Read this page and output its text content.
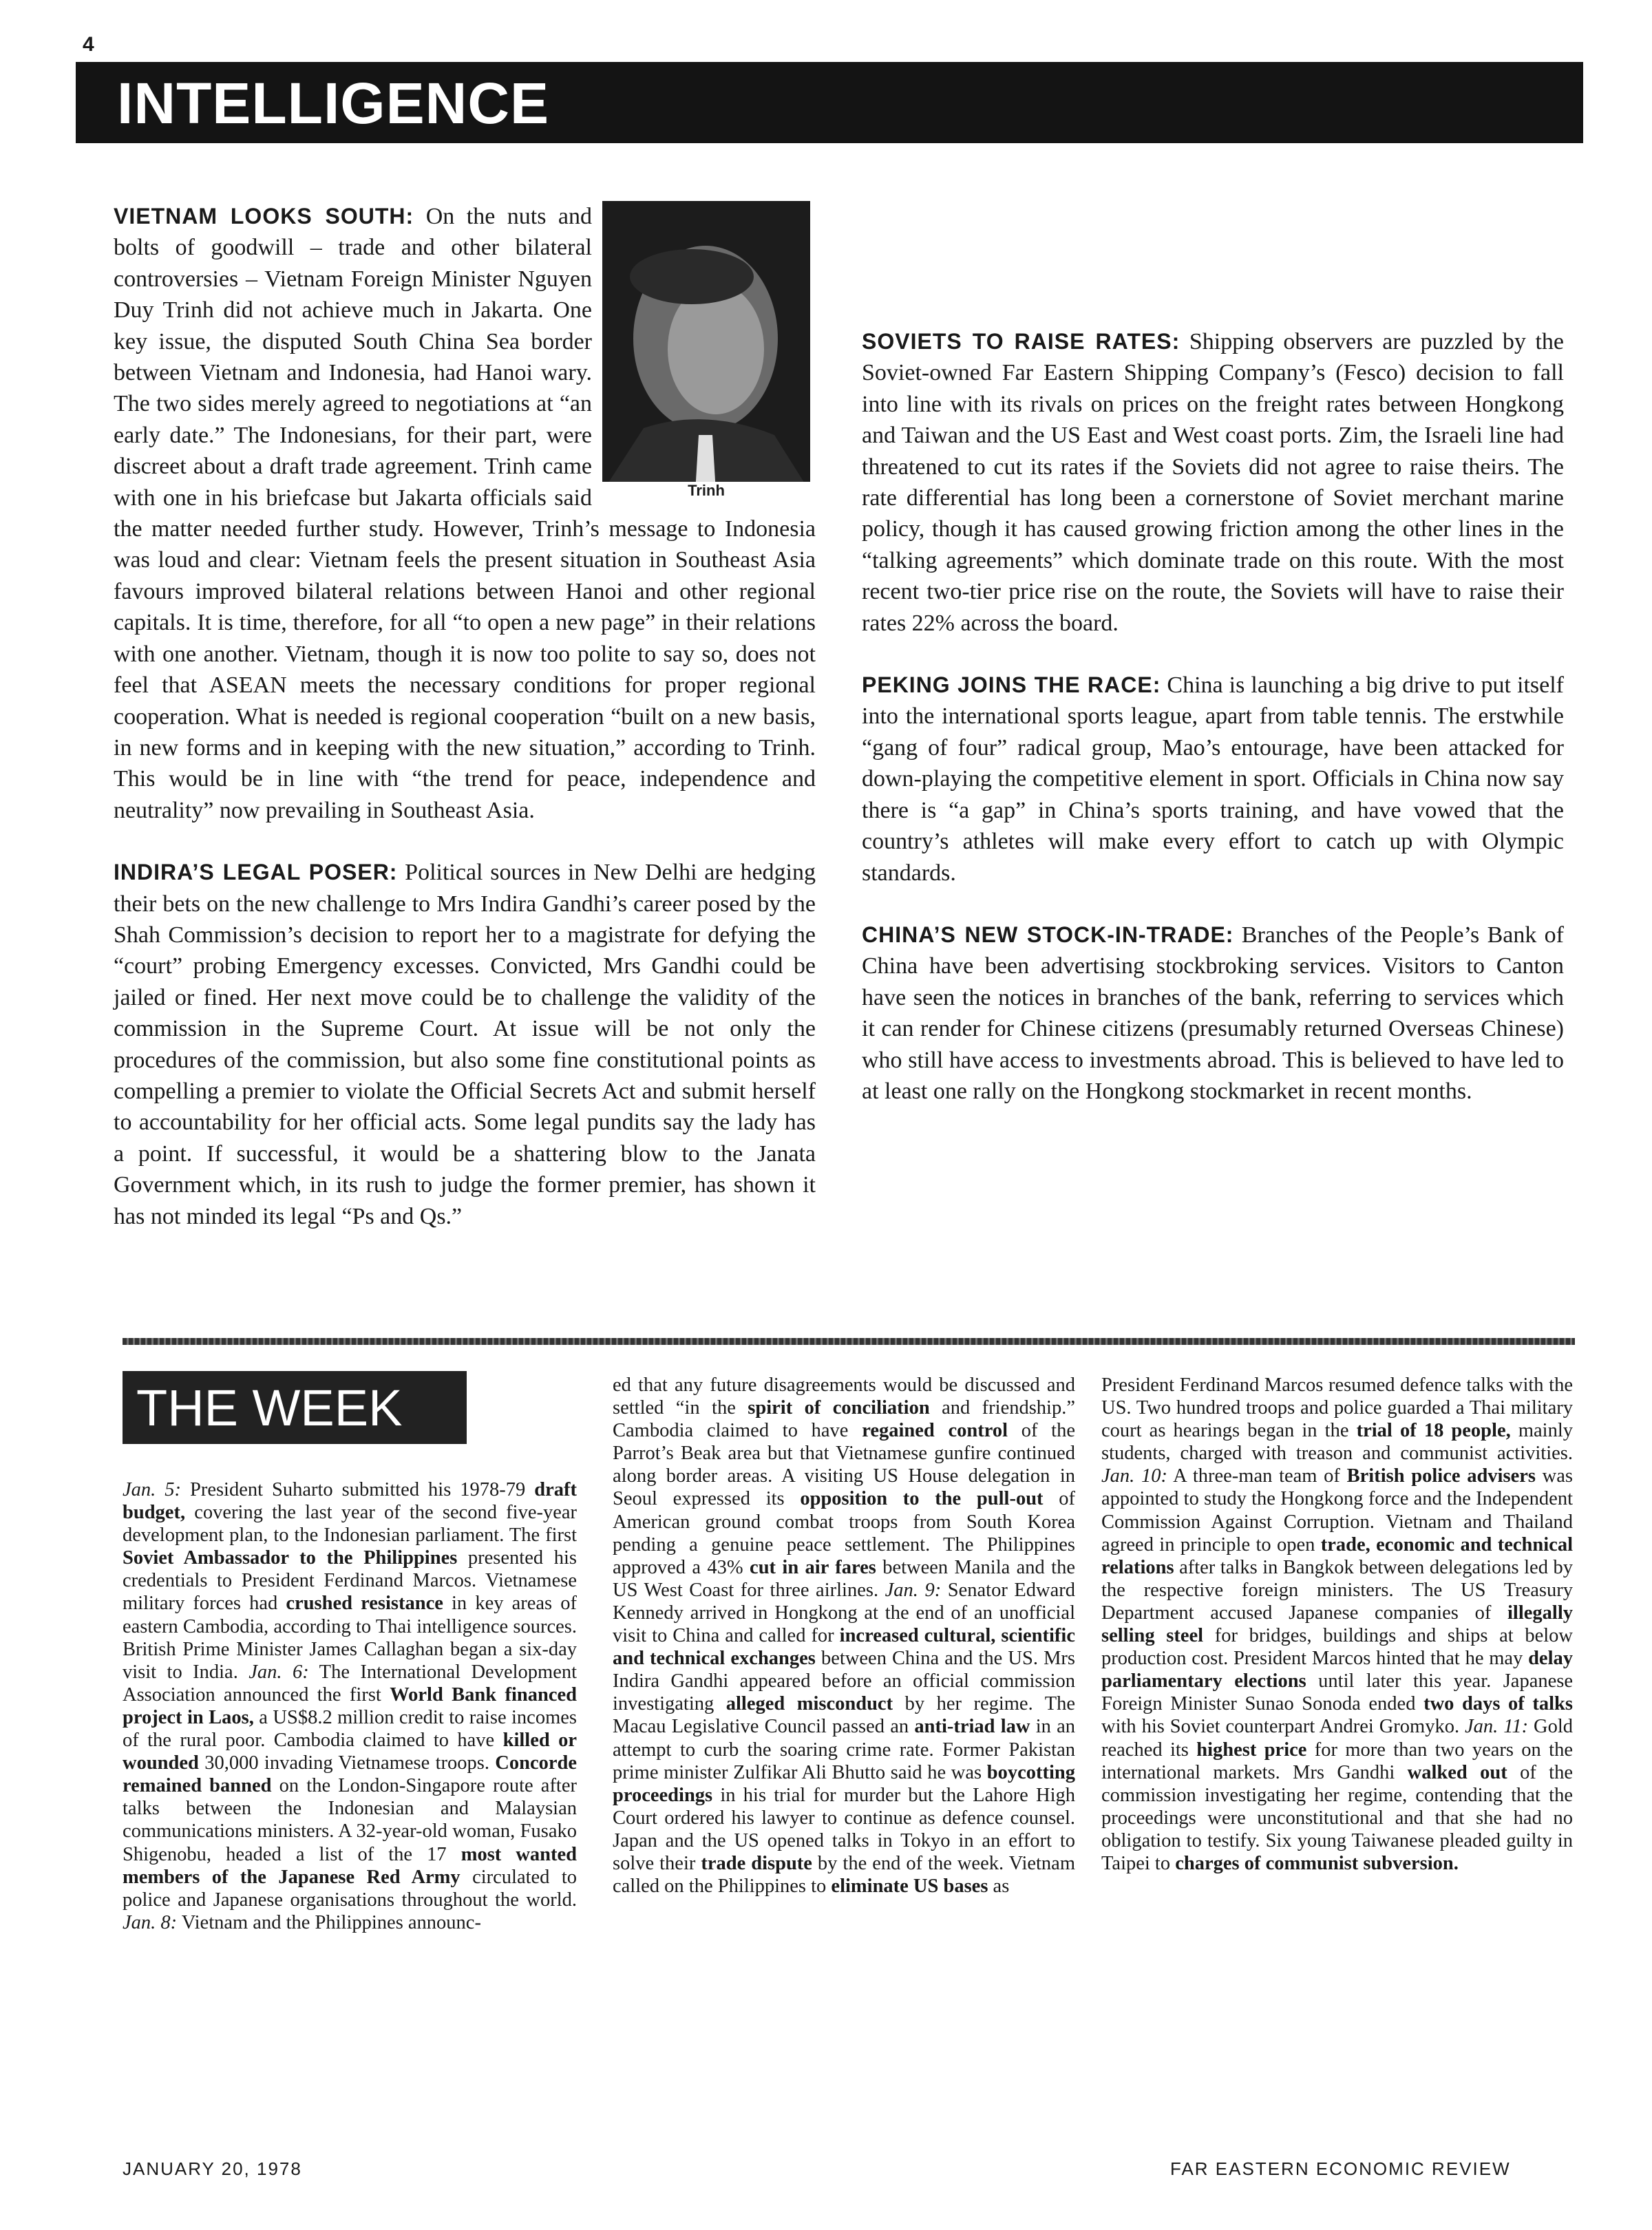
4
INTELLIGENCE

VIETNAM LOOKS SOUTH: On the nuts and bolts of goodwill – trade and other bilateral controversies – Vietnam Foreign Minister Nguyen Duy Trinh did not achieve much in Jakarta. One key issue, the disputed South China Sea border between Vietnam and Indonesia, had Hanoi wary. The two sides merely agreed to negotiations at “an early date.” The Indonesians, for their part, were discreet about a draft trade agreement. Trinh came with one in his briefcase but Jakarta officials said the matter needed further study. However, Trinh’s message to Indonesia was loud and clear: Vietnam feels the present situation in Southeast Asia favours improved bilateral relations between Hanoi and other regional capitals. It is time, therefore, for all “to open a new page” in their relations with one another. Vietnam, though it is now too polite to say so, does not feel that ASEAN meets the necessary conditions for proper regional cooperation. What is needed is regional cooperation “built on a new basis, in new forms and in keeping with the new situation,” according to Trinh. This would be in line with “the trend for peace, independence and neutrality” now prevailing in Southeast Asia.

INDIRA’S LEGAL POSER: Political sources in New Delhi are hedging their bets on the new challenge to Mrs Indira Gandhi’s career posed by the Shah Commission’s decision to report her to a magistrate for defying the “court” probing Emergency excesses. Convicted, Mrs Gandhi could be jailed or fined. Her next move could be to challenge the validity of the commission in the Supreme Court. At issue will be not only the procedures of the commission, but also some fine constitutional points as compelling a premier to violate the Official Secrets Act and submit herself to accountability for her official acts. Some legal pundits say the lady has a point. If successful, it would be a shattering blow to the Janata Government which, in its rush to judge the former premier, has shown it has not minded its legal “Ps and Qs.”

Trinh

SOVIETS TO RAISE RATES: Shipping observers are puzzled by the Soviet-owned Far Eastern Shipping Company’s (Fesco) decision to fall into line with its rivals on prices on the freight rates between Hongkong and Taiwan and the US East and West coast ports. Zim, the Israeli line had threatened to cut its rates if the Soviets did not agree to raise theirs. The rate differential has long been a cornerstone of Soviet merchant marine policy, though it has caused growing friction among the other lines in the “talking agreements” which dominate trade on this route. With the most recent two-tier price rise on the route, the Soviets will have to raise their rates 22% across the board.

PEKING JOINS THE RACE: China is launching a big drive to put itself into the international sports league, apart from table tennis. The erstwhile “gang of four” radical group, Mao’s entourage, have been attacked for down-playing the competitive element in sport. Officials in China now say there is “a gap” in China’s sports training, and have vowed that the country’s athletes will make every effort to catch up with Olympic standards.

CHINA’S NEW STOCK-IN-TRADE: Branches of the People’s Bank of China have been advertising stockbroking services. Visitors to Canton have seen the notices in branches of the bank, referring to services which it can render for Chinese citizens (presumably returned Overseas Chinese) who still have access to investments abroad. This is believed to have led to at least one rally on the Hongkong stockmarket in recent months.

THE WEEK
Jan. 5: President Suharto submitted his 1978-79 draft budget, covering the last year of the second five-year development plan, to the Indonesian parliament. The first Soviet Ambassador to the Philippines presented his credentials to President Ferdinand Marcos. Vietnamese military forces had crushed resistance in key areas of eastern Cambodia, according to Thai intelligence sources. British Prime Minister James Callaghan began a six-day visit to India. Jan. 6: The International Development Association announced the first World Bank financed project in Laos, a US$8.2 million credit to raise incomes of the rural poor. Cambodia claimed to have killed or wounded 30,000 invading Vietnamese troops. Concorde remained banned on the London-Singapore route after talks between the Indonesian and Malaysian communications ministers. A 32-year-old woman, Fusako Shigenobu, headed a list of the 17 most wanted members of the Japanese Red Army circulated to police and Japanese organisations throughout the world. Jan. 8: Vietnam and the Philippines announc-
ed that any future disagreements would be discussed and settled “in the spirit of conciliation and friendship.” Cambodia claimed to have regained control of the Parrot’s Beak area but that Vietnamese gunfire continued along border areas. A visiting US House delegation in Seoul expressed its opposition to the pull-out of American ground combat troops from South Korea pending a genuine peace settlement. The Philippines approved a 43% cut in air fares between Manila and the US West Coast for three airlines. Jan. 9: Senator Edward Kennedy arrived in Hongkong at the end of an unofficial visit to China and called for increased cultural, scientific and technical exchanges between China and the US. Mrs Indira Gandhi appeared before an official commission investigating alleged misconduct by her regime. The Macau Legislative Council passed an anti-triad law in an attempt to curb the soaring crime rate. Former Pakistan prime minister Zulfikar Ali Bhutto said he was boycotting proceedings in his trial for murder but the Lahore High Court ordered his lawyer to continue as defence counsel. Japan and the US opened talks in Tokyo in an effort to solve their trade dispute by the end of the week. Vietnam called on the Philippines to eliminate US bases as
President Ferdinand Marcos resumed defence talks with the US. Two hundred troops and police guarded a Thai military court as hearings began in the trial of 18 people, mainly students, charged with treason and communist activities. Jan. 10: A three-man team of British police advisers was appointed to study the Hongkong force and the Independent Commission Against Corruption. Vietnam and Thailand agreed in principle to open trade, economic and technical relations after talks in Bangkok between delegations led by the respective foreign ministers. The US Treasury Department accused Japanese companies of illegally selling steel for bridges, buildings and ships at below production cost. President Marcos hinted that he may delay parliamentary elections until later this year. Japanese Foreign Minister Sunao Sonoda ended two days of talks with his Soviet counterpart Andrei Gromyko. Jan. 11: Gold reached its highest price for more than two years on the international markets. Mrs Gandhi walked out of the commission investigating her regime, contending that the proceedings were unconstitutional and that she had no obligation to testify. Six young Taiwanese pleaded guilty in Taipei to charges of communist subversion.
JANUARY 20, 1978	FAR EASTERN ECONOMIC REVIEW
